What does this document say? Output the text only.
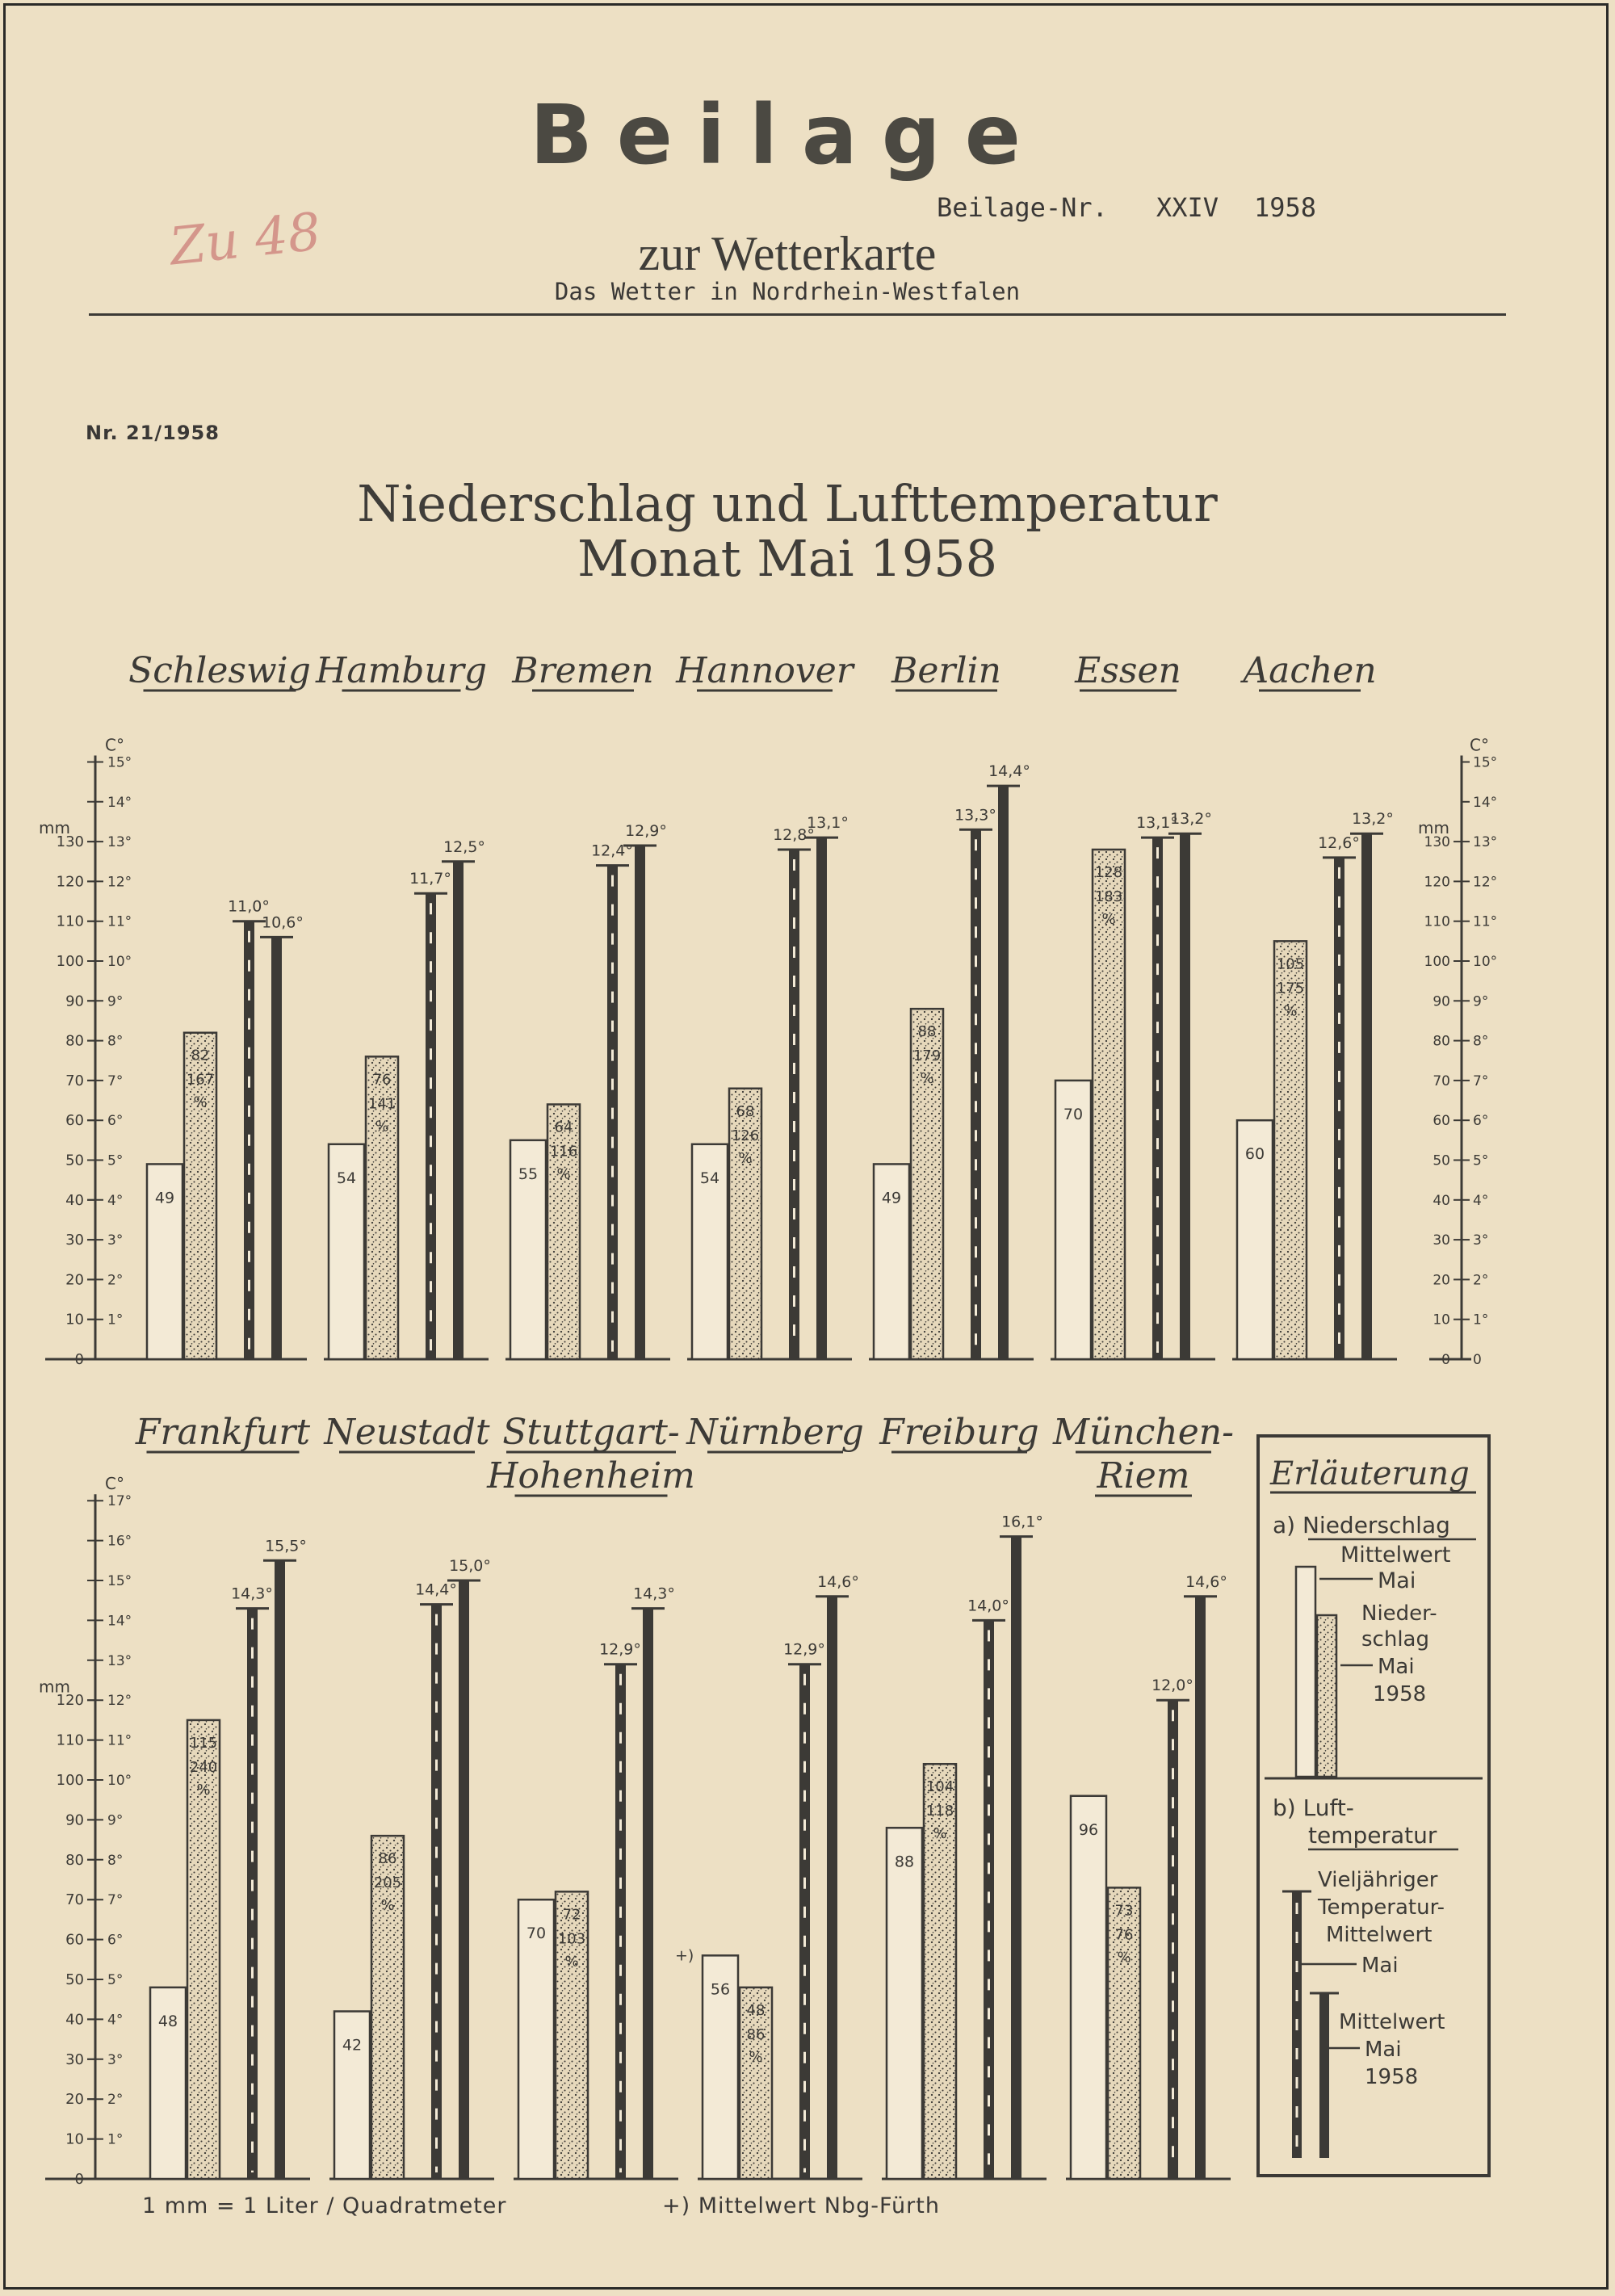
Beilage
Beilage-Nr. XXIV 1958
zur Wetterkarte
Das Wetter in Nordrhein-Westfalen
Zu 48
Nr. 21/1958
Niederschlag und Lufttemperatur
Monat Mai 1958
C°
mm
1°
2°
3°
4°
5°
6°
7°
8°
9°
10°
11°
12°
13°
14°
15°
0
10
20
30
40
50
60
70
80
90
100
110
120
130
C°
mm
0
1°
2°
3°
4°
5°
6°
7°
8°
9°
10°
11°
12°
13°
14°
15°
0
10
20
30
40
50
60
70
80
90
100
110
120
130
Schleswig
49
82
167
%
11,0°
10,6°
Hamburg
54
76
141
%
11,7°
12,5°
Bremen
55
64
116
%
12,4°
12,9°
Hannover
54
68
126
%
12,8°
13,1°
Berlin
49
88
179
%
13,3°
14,4°
Essen
70
128
183
%
13,1°
13,2°
Aachen
60
105
175
%
12,6°
13,2°
C°
mm
1°
2°
3°
4°
5°
6°
7°
8°
9°
10°
11°
12°
13°
14°
15°
16°
17°
0
10
20
30
40
50
60
70
80
90
100
110
120
Frankfurt
48
115
240
%
14,3°
15,5°
Neustadt
42
86
205
%
14,4°
15,0°
Stuttgart-
Hohenheim
70
72
103
%
12,9°
14,3°
Nürnberg
56
48
86
%
12,9°
14,6°
+)
Freiburg
88
104
118
%
14,0°
16,1°
München-
Riem
96
73
76
%
12,0°
14,6°
Erläuterung
a) Niederschlag
Mittelwert
Mai
Nieder-
schlag
Mai
1958
b) Luft-
temperatur
Vieljähriger
Temperatur-
Mittelwert
Mai
Mittelwert
Mai
1958
1 mm = 1 Liter / Quadratmeter	+) Mittelwert Nbg-Fürth
